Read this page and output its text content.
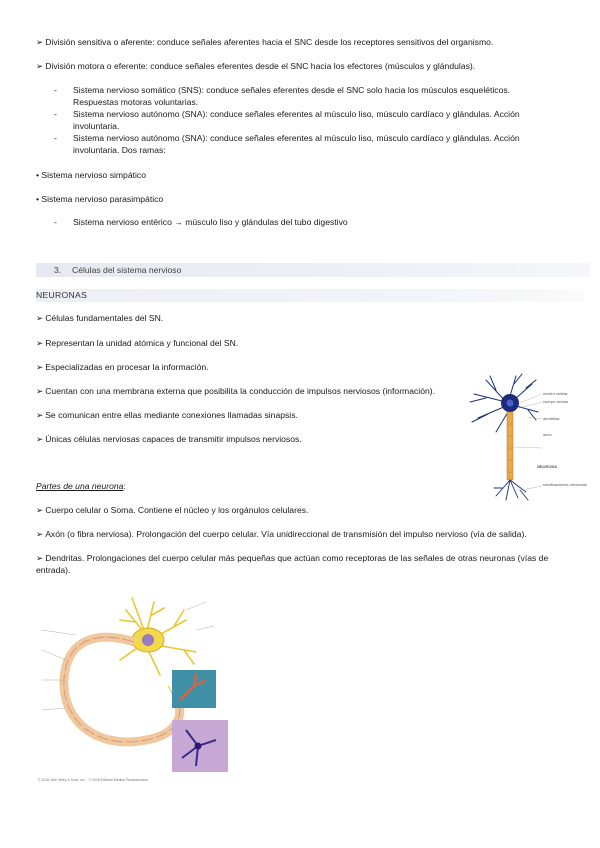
➢ División sensitiva o aferente: conduce señales aferentes hacia el SNC desde los receptores sensitivos del organismo.

➢ División motora o eferente: conduce señales eferentes desde el SNC hacia los efectores (músculos y glándulas).

- Sistema nervioso somático (SNS): conduce señales eferentes desde el SNC solo hacia los músculos esqueléticos. Respuestas motoras voluntarias.

- Sistema nervioso autónomo (SNA): conduce señales eferentes al músculo liso, músculo cardíaco y glándulas. Acción involuntaria.

- Sistema nervioso autónomo (SNA): conduce señales eferentes al músculo liso, músculo cardíaco y glándulas. Acción involuntaria. Dos ramas:

• Sistema nervioso simpático

• Sistema nervioso parasimpático

- Sistema nervioso entérico → músculo liso y glándulas del tubo digestivo

3. Células del sistema nervioso
NEURONAS

➢ Células fundamentales del SN.

➢ Representan la unidad atómica y funcional del SN.

➢ Especializadas en procesar la información.

➢ Cuentan con una membrana externa que posibilita la conducción de impulsos nerviosos (información).

➢ Se comunican entre ellas mediante conexiones llamadas sinapsis.

➢ Únicas células nerviosas capaces de transmitir impulsos nerviosos.

núcleo celular
cuerpo celular
dendritas
axón
NEURONA
ramificaciones nerviosas

Partes de una neurona:

➢ Cuerpo celular o Soma. Contiene el núcleo y los orgánulos celulares.

➢ Axón (o fibra nerviosa). Prolongación del cuerpo celular. Vía unidireccional de transmisión del impulso nervioso (vía de salida).

➢ Dendritas. Prolongaciones del cuerpo celular más pequeñas que actúan como receptoras de las señales de otras neuronas (vías de entrada).

© 2018 John Wiley & Sons, Inc. · © 2018 Editorial Médica Panamericana
